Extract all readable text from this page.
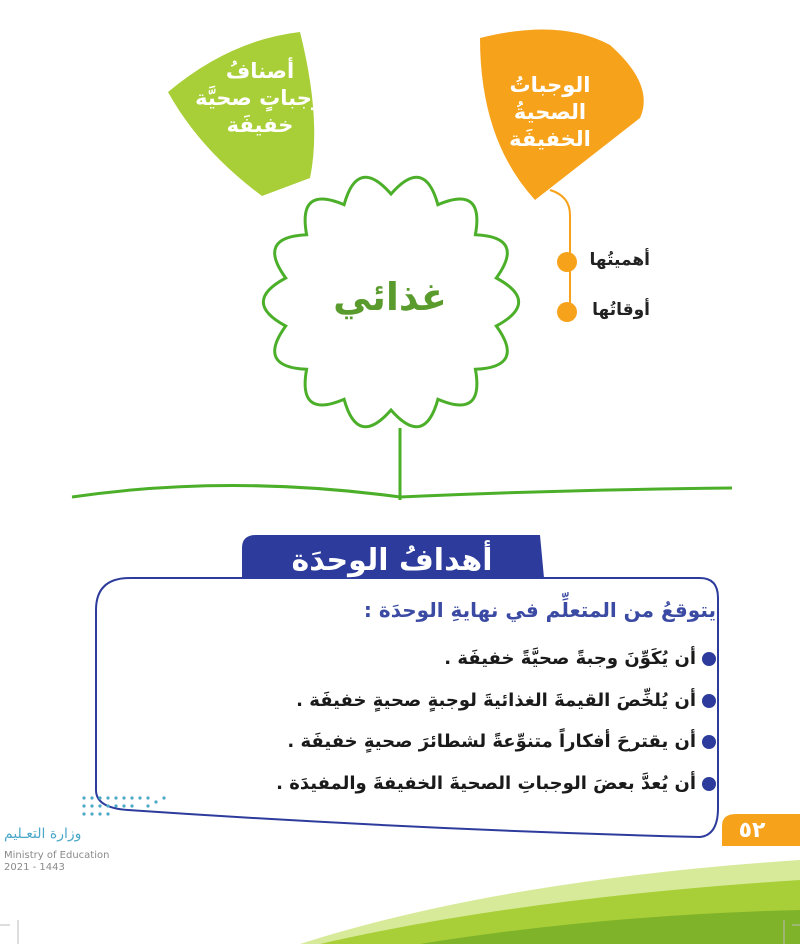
أصنافُ
وجباتٍ صحيَّة
خفيفَة
الوجباتُ الصحيةُ
الخفيفَة
غذائي
أهميتُها
أوقاتُها
أهدافُ الوحدَة
يتوقعُ من المتعلِّم في نهايةِ الوحدَة :
أن يُكَوِّنَ وجبةً صحيَّةً خفيفَة .
أن يُلخِّصَ القيمةَ الغذائيةَ لوجبةٍ صحيةٍ خفيفَة .
أن يقترحَ أفكاراً متنوِّعةً لشطائرَ صحيةٍ خفيفَة .
أن يُعدَّ بعضَ الوجباتِ الصحيةَ الخفيفةَ والمفيدَة .
٥٢
وزارة التعـليم
Ministry of Education
2021 - 1443
